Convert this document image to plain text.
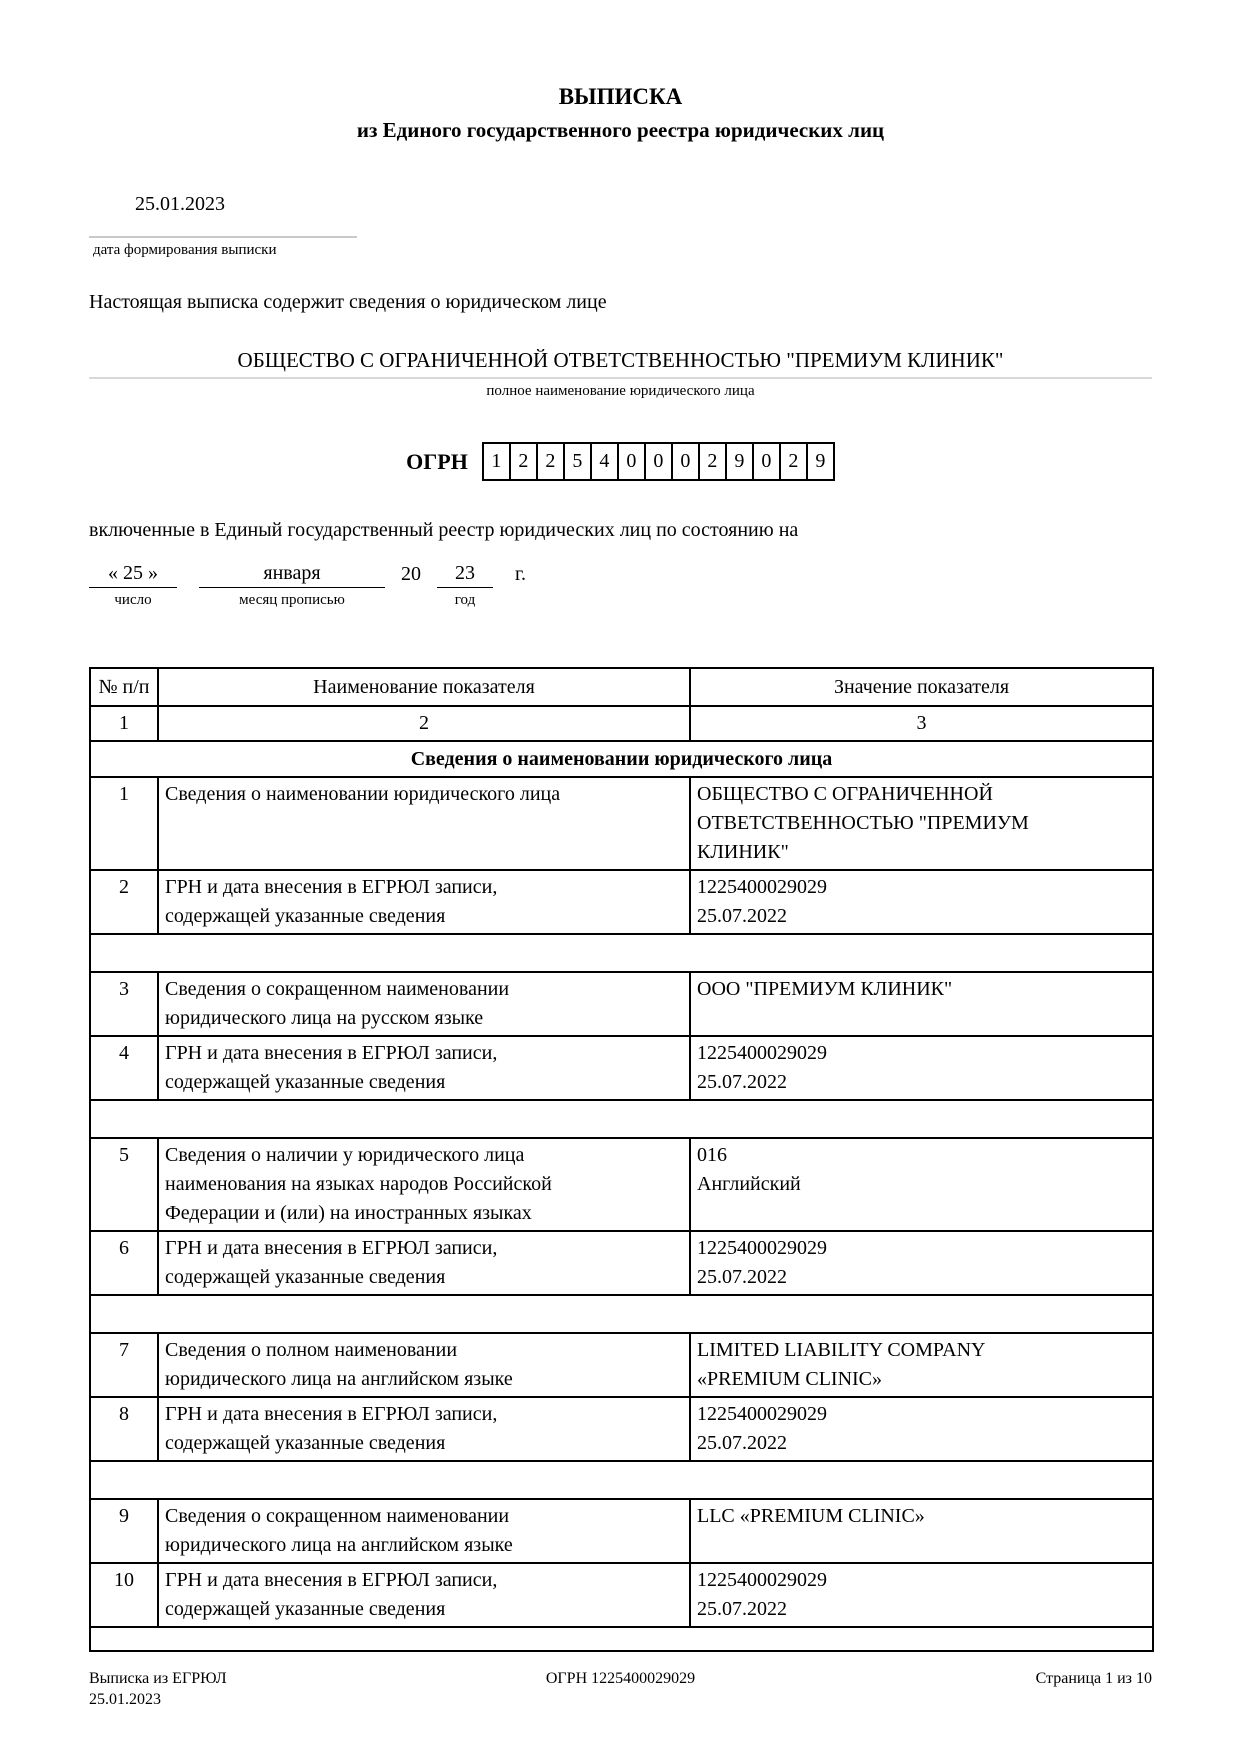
ВЫПИСКА
из Единого государственного реестра юридических лиц
25.01.2023
дата формирования выписки
Настоящая выписка содержит сведения о юридическом лице
ОБЩЕСТВО С ОГРАНИЧЕННОЙ ОТВЕТСТВЕННОСТЬЮ "ПРЕМИУМ КЛИНИК"
полное наименование юридического лица
ОГРН	1 2 2 5 4 0 0 0 2 9 0 2 9
включенные в Единый государственный реестр юридических лиц по состоянию на
« 25 »
число
января
месяц прописью
20	23
год
г.
№ п/п	Наименование показателя	Значение показателя
1	2	3
Сведения о наименовании юридического лица		

1	Сведения о наименовании юридического лица	ОБЩЕСТВО С ОГРАНИЧЕННОЙ
ОТВЕТСТВЕННОСТЬЮ "ПРЕМИУМ
КЛИНИК"

2	ГРН и дата внесения в ЕГРЮЛ записи,
содержащей указанные сведения	1225400029029
25.07.2022

3	Сведения о сокращенном наименовании
юридического лица на русском языке	ООО "ПРЕМИУМ КЛИНИК"

4	ГРН и дата внесения в ЕГРЮЛ записи,
содержащей указанные сведения	1225400029029
25.07.2022

5	Сведения о наличии у юридического лица
наименования на языках народов Российской
Федерации и (или) на иностранных языках	016
Английский

6	ГРН и дата внесения в ЕГРЮЛ записи,
содержащей указанные сведения	1225400029029
25.07.2022

7	Сведения о полном наименовании
юридического лица на английском языке	LIMITED LIABILITY COMPANY
«PREMIUM CLINIC»

8	ГРН и дата внесения в ЕГРЮЛ записи,
содержащей указанные сведения	1225400029029
25.07.2022

9	Сведения о сокращенном наименовании
юридического лица на английском языке	LLC «PREMIUM CLINIC»

10	ГРН и дата внесения в ЕГРЮЛ записи,
содержащей указанные сведения	1225400029029
25.07.2022

Выписка из ЕГРЮЛ
25.01.2023
ОГРН 1225400029029	Страница 1 из 10
